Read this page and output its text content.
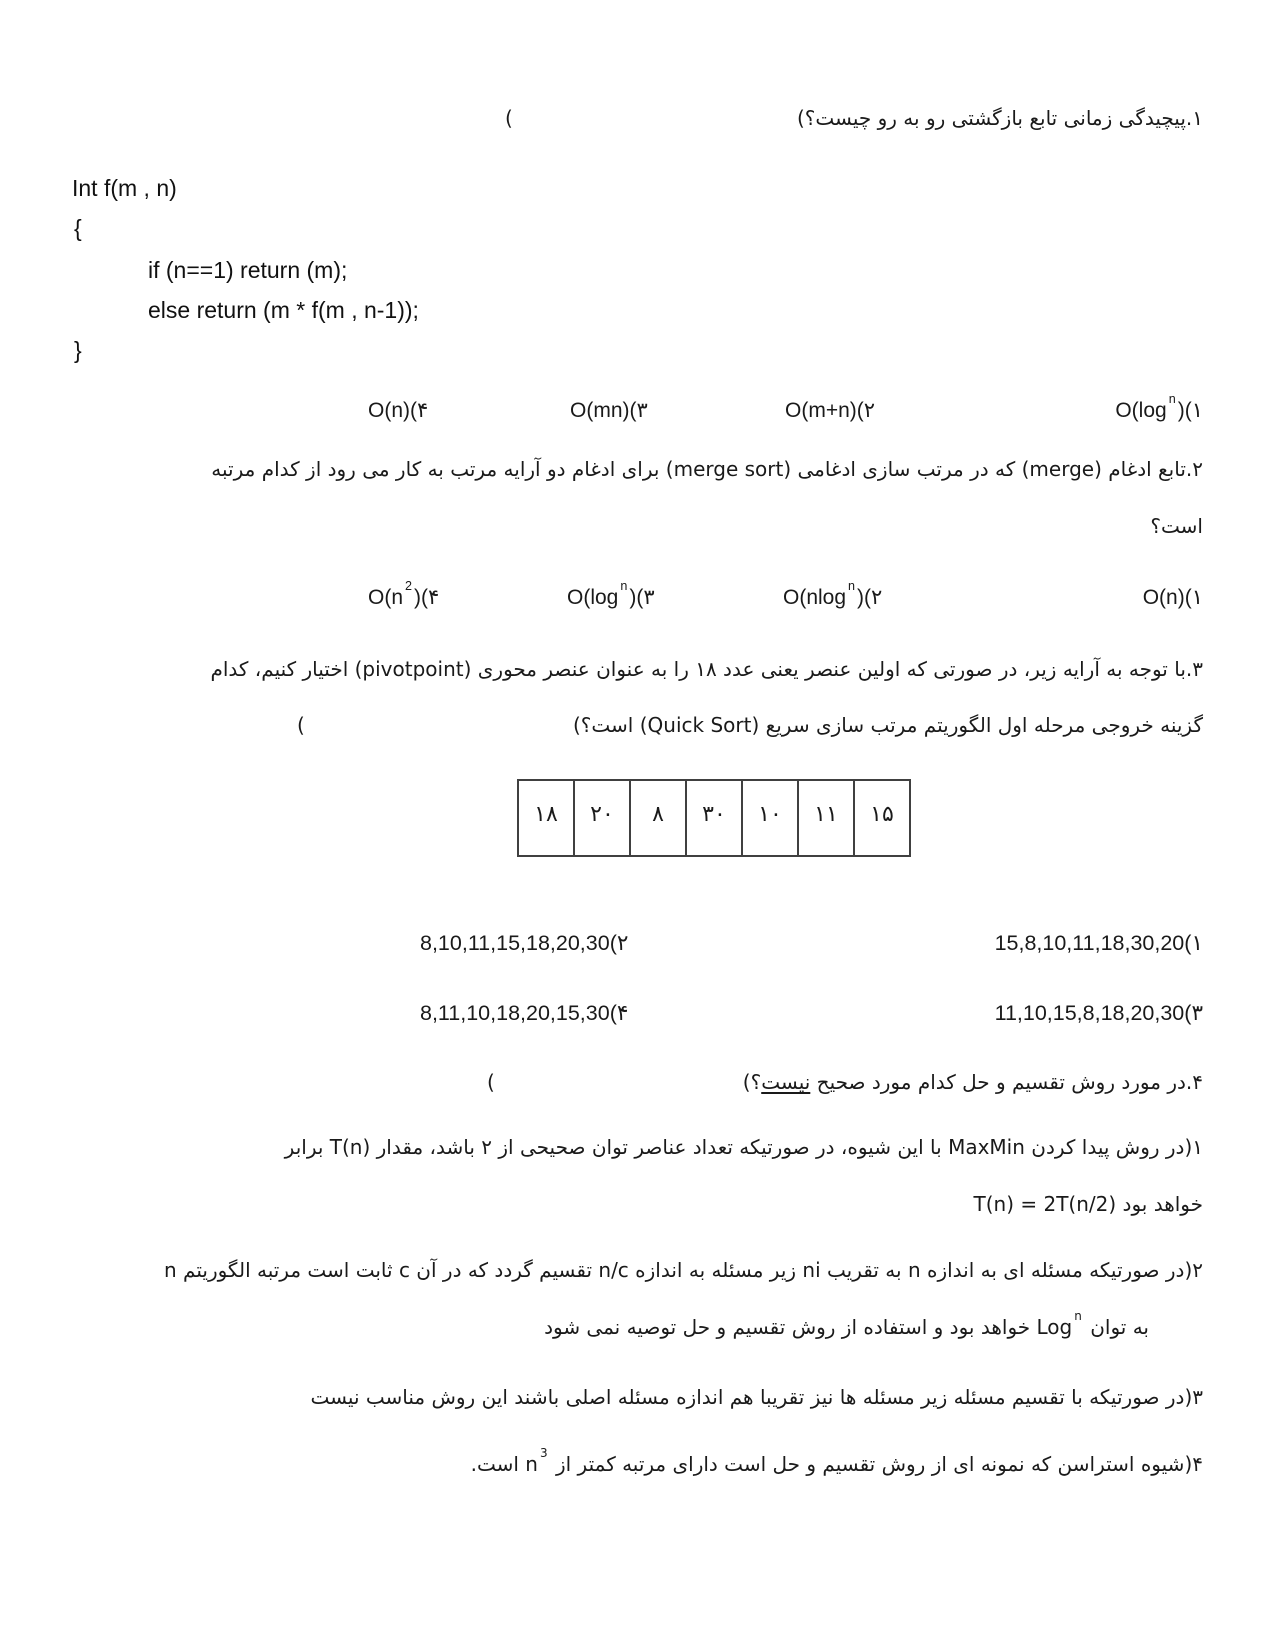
۱.پیچیدگی زمانی تابع بازگشتی رو به رو چیست؟(
(
Int f(m , n)
{
if (n==1) return (m);
else return (m * f(m , n-1));
}
$O(\log^n)(۱$
O(m+n)(۲
O(mn)(۳
O(n)(۴
۲.تابع ادغام (merge) که در مرتب سازی ادغامی (merge sort) برای ادغام دو آرایه مرتب به کار می رود از کدام مرتبه
است؟
O(n)(۱
O(nlog$^n$)(۲
$O(\log^n)(۳$
$O(n^2)(۴$
۳.با توجه به آرایه زیر، در صورتی که اولین عنصر یعنی عدد ۱۸ را به عنوان عنصر محوری (pivotpoint) اختیار کنیم، کدام
گزینه خروجی مرحله اول الگوریتم مرتب سازی سریع (Quick Sort) است؟(
(
۱۸	۲۰	۸	۳۰	۱۰	۱۱	۱۵
15,8,10,11,18,30,20(۱
8,10,11,15,18,20,30(۲
11,10,15,8,18,20,30(۳
8,11,10,18,20,15,30(۴
۴.در مورد روش تقسیم و حل کدام مورد صحیح نیست؟(
(
۱)در روش پیدا کردن MaxMin با این شیوه، در صورتیکه تعداد عناصر توان صحیحی از ۲ باشد، مقدار T(n) برابر
T(n) = 2T(n/2) خواهد بود
۲)در صورتیکه مسئله ای به اندازه n به تقریب ni زیر مسئله به اندازه n/c تقسیم گردد که در آن c ثابت است مرتبه الگوریتم n
به توان Log $^n$ خواهد بود و استفاده از روش تقسیم و حل توصیه نمی شود
۳)در صورتیکه با تقسیم مسئله زیر مسئله ها نیز تقریبا هم اندازه مسئله اصلی باشند این روش مناسب نیست
۴)شیوه استراسن که نمونه ای از روش تقسیم و حل است دارای مرتبه کمتر از n $^3$ است.
